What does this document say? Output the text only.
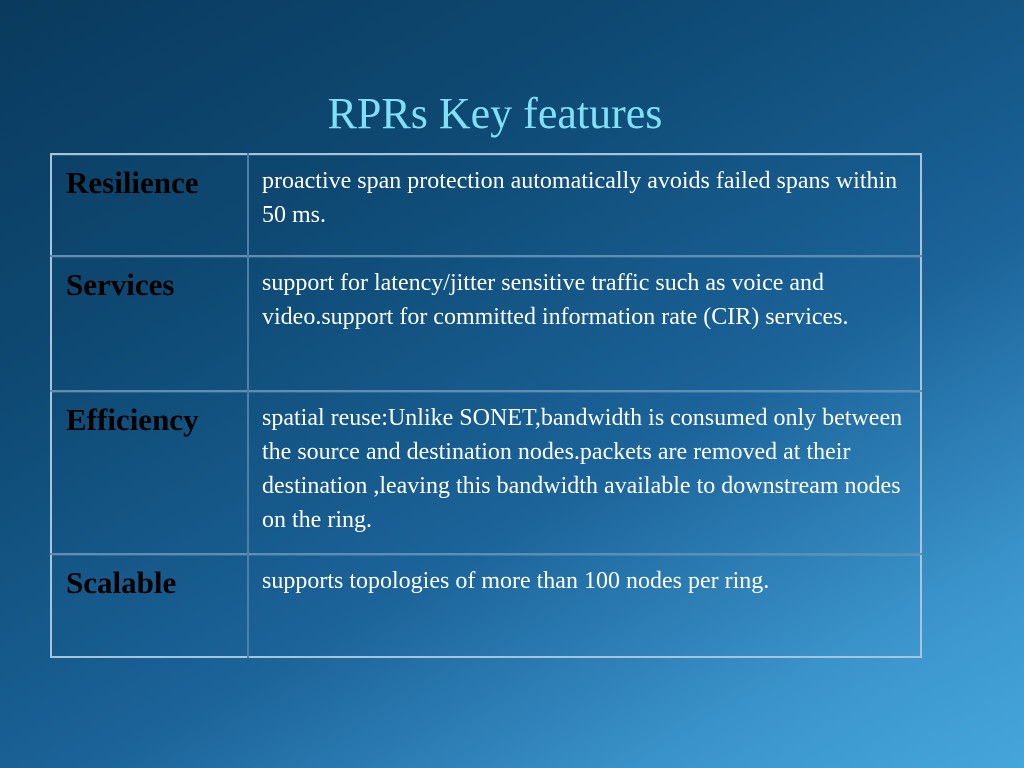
RPRs Key features
Resilience	proactive span protection automatically avoids failed spans within 50 ms.
Services	support for latency/jitter sensitive traffic such as voice and video.support for committed information rate (CIR) services.
Efficiency	spatial reuse:Unlike SONET,bandwidth is consumed only between the source and destination nodes.packets are removed at their destination ,leaving this bandwidth available to downstream nodes on the ring.
Scalable	supports topologies of more than 100 nodes per ring.
